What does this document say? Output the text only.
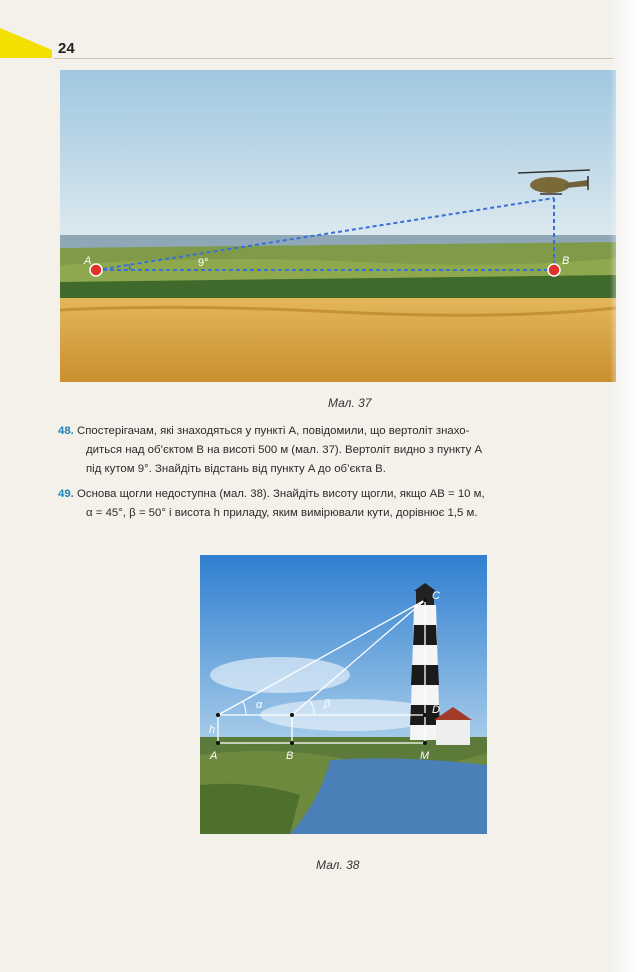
24
9°
A	B
Мал. 37
48. Спостерігачам, які знаходяться у пункті A, повідомили, що вертоліт знахо-
диться над об’єктом B на висоті 500 м (мал. 37). Вертоліт видно з пункту A
під кутом 9°. Знайдіть відстань від пункту A до об’єкта B.
49. Основа щогли недоступна (мал. 38). Знайдіть висоту щогли, якщо AB = 10 м,
α = 45°, β = 50° і висота h приладу, яким вимірювали кути, дорівнює 1,5 м.
α	β
h
A	B
C
D
M
Мал. 38
